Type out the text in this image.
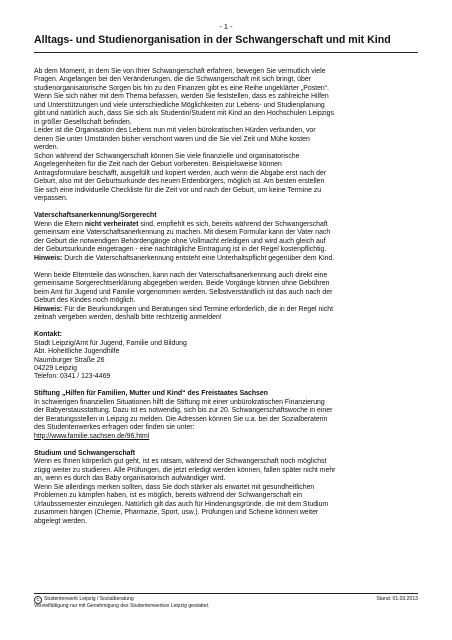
- 1 -
Alltags- und Studienorganisation in der Schwangerschaft und mit Kind

Ab dem Moment, in dem Sie von Ihrer Schwangerschaft erfahren, bewegen Sie vermutlich viele

Fragen. Angefangen bei den Veränderungen, die die Schwangerschaft mit sich bringt, über

studienorganisatorische Sorgen bis hin zu den Finanzen gibt es eine Reihe ungeklärter „Posten“.

Wenn Sie sich näher mit dem Thema befassen, werden Sie feststellen, dass es zahlreiche Hilfen

und Unterstützungen und viele unterschiedliche Möglichkeiten zur Lebens- und Studienplanung

gibt und natürlich auch, dass Sie sich als Studentin/Student mit Kind an den Hochschulen Leipzigs

in größer Gesellschaft befinden.

Leider ist die Organisation des Lebens nun mit vielen bürokratischen Hürden verbunden, vor

denen Sie unter Umständen bisher verschont waren und die Sie viel Zeit und Mühe kosten

werden.

Schon während der Schwangerschaft können Sie viele finanzielle und organisatorische

Angelegenheiten für die Zeit nach der Geburt vorbereiten. Beispielsweise können

Antragsformulare beschafft, ausgefüllt und kopiert werden, auch wenn die Abgabe erst nach der

Geburt, also mit der Geburtsurkunde des neuen Erdenbürgers, möglich ist. Am besten erstellen

Sie sich eine individuelle Checkliste für die Zeit vor und nach der Geburt, um keine Termine zu

verpassen.

Vaterschaftsanerkennung/Sorgerecht

Wenn die Eltern nicht verheiratet sind, empfiehlt es sich, bereits während der Schwangerschaft

gemeinsam eine Vaterschaftsanerkennung zu machen. Mit diesem Formular kann der Vater nach

der Geburt die notwendigen Behördengänge ohne Vollmacht erledigen und wird auch gleich auf

der Geburtsurkunde eingetragen - eine nachträgliche Eintragung ist in der Regel kostenpflichtig.

Hinweis: Durch die Vaterschaftsanerkennung entsteht eine Unterhaltspflicht gegenüber dem Kind.

Wenn beide Elternteile das wünschen, kann nach der Vaterschaftsanerkennung auch direkt eine

gemeinsame Sorgerechtserklärung abgegeben werden. Beide Vorgänge können ohne Gebühren

beim Amt für Jugend und Familie vorgenommen werden. Selbstverständlich ist das auch nach der

Geburt des Kindes noch möglich.

Hinweis: Für die Beurkundungen und Beratungen sind Termine erforderlich, die in der Regel nicht

zeitnah vergeben werden, deshalb bitte rechtzeitig anmelden!

Kontakt:

Stadt Leipzig/Amt für Jugend, Familie und Bildung

Abt. Hoheitliche Jugendhilfe

Naumburger Straße 26

04229 Leipzig

Telefon: 0341 / 123-4469

Stiftung „Hilfen für Familien, Mutter und Kind“ des Freistaates Sachsen

In schwierigen finanziellen Situationen hilft die Stiftung mit einer unbürokratischen Finanzierung

der Babyerstausstattung. Dazu ist es notwendig, sich bis zur 20. Schwangerschaftswoche in einer

der Beratungsstellen in Leipzig zu melden. Die Adressen können Sie u.a. bei der Sozialberaterin

des Studentenwerkes erfragen oder finden sie unter:

http://www.familie.sachsen.de/96.html

Studium und Schwangerschaft

Wenn es Ihnen körperlich gut geht, ist es ratsam, während der Schwangerschaft noch möglichst

zügig weiter zu studieren. Alle Prüfungen, die jetzt erledigt werden können, fallen später nicht mehr

an, wenn es durch das Baby organisatorisch aufwändiger wird.

Wenn Sie allerdings merken sollten, dass Sie doch stärker als erwartet mit gesundheitlichen

Problemen zu kämpfen haben, ist es möglich, bereits während der Schwangerschaft ein

Urlaubssemester einzulegen. Natürlich gilt das auch für Hinderungsgründe, die mit dem Studium

zusammen hängen (Chemie, Pharmazie, Sport, usw.). Prüfungen und Scheine können weiter

abgelegt werden.

C Studentenwerk Leipzig / Sozialberatung	Stand: 01.03.2013
Vervielfältigung nur mit Genehmigung des Studentenwerkes Leipzig gestattet.
